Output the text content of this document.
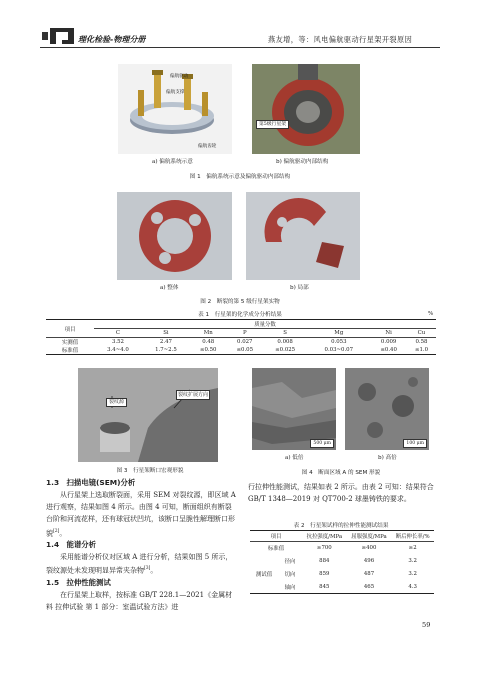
理化检验-物理分册	燕友增，等：风电偏航驱动行星架开裂原因
偏航驱动
偏航支撑
偏航齿轮
第5级行星架
a) 偏航系统示意	b) 偏航驱动内部结构
图 1　偏航系统示意及偏航驱动内部结构
a) 整体	b) 局部
图 2　断裂的第 5 级行星架实物
表 1　行星架的化学成分分析结果	%
项目	质量分数							
	C	Si	Mn	P	S	Mg	Ni	Cu
实测值	3.52	2.47	0.48	0.027	0.008	0.053	0.009	0.58
标准值	3.4~4.0	1.7~2.5	≤0.50	≤0.05	≤0.025	0.03~0.07	≤0.40	≤1.0
裂纹源
裂纹扩展方向
图 3　行星架断口宏观形貌
500 μm	100 μm
a) 低倍	b) 高倍
图 4　断面区域 A 的 SEM 形貌

1.3　扫描电镜(SEM)分析

从行星架上选取断裂面，采用 SEM 对裂纹源，即区域 A 进行观察，结果如图 4 所示。由图 4 可知，断面组织有断裂台阶和河流花样，还有球冠状凹坑，该断口呈脆性解理断口形貌[2]。

1.4　能谱分析

采用能谱分析仪对区域 A 进行分析，结果如图 5 所示，裂纹源处未发现明显异常夹杂物[3]。

1.5　拉伸性能测试

在行星架上取样，按标准 GB/T 228.1—2021《金属材料 拉伸试验 第 1 部分：室温试验方法》进

行拉伸性能测试，结果如表 2 所示。由表 2 可知：结果符合 GB/T 1348—2019 对 QT700-2 球墨铸铁的要求。

表 2　行星架试样的拉伸性能测试结果
项目		抗拉强度/MPa	屈服强度/MPa	断后伸长率/%
标准值		≥700	≥400	≥2
测试值	径向	884	496	3.2
	切向	859	487	3.2
	轴向	845	465	4.3
59
